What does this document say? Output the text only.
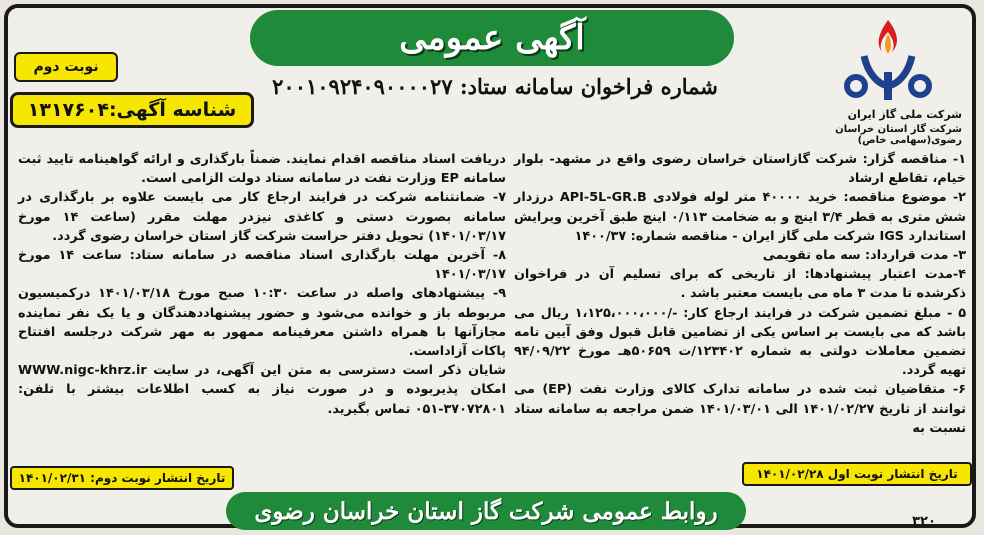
آگهی عمومی
شرکت ملی گاز ایران
شرکت گاز استان خراسان رضوی(سهامی خاص)
نوبت دوم
شماره فراخوان سامانه ستاد: ۲۰۰۱۰۹۲۴۰۹۰۰۰۰۲۷
شناسه آگهی:۱۳۱۷۶۰۴

۱- مناقصه گزار: شرکت گازاستان خراسان رضوی واقع در مشهد- بلوار خیام، تقاطع ارشاد

۲- موضوع مناقصه: خرید ۴۰۰۰۰ متر لوله فولادی API-5L-GR.B درزدار شش متری به قطر ۳/۴ اینچ و به ضخامت ۰/۱۱۳ اینچ طبق آخرین ویرایش استاندارد IGS شرکت ملی گاز ایران - مناقصه شماره: ۱۴۰۰/۳۷

۳- مدت قرارداد: سه ماه تقویمی

۴-مدت اعتبار پیشنهادها: از تاریخی که برای تسلیم آن در فراخوان ذکرشده تا مدت ۳ ماه می بایست معتبر باشد .

۵ - مبلغ تضمین شرکت در فرایند ارجاع کار: -/۱،۱۲۵،۰۰۰،۰۰۰ ریال می باشد که می بایست بر اساس یکی از تضامین قابل قبول وفق آیین نامه تضمین معاملات دولتی به شماره ۱۲۳۴۰۲/ت ۵۰۶۵۹هـ مورخ ۹۴/۰۹/۲۲ تهیه گردد.

۶- متقاضیان ثبت شده در سامانه تدارک کالای وزارت نفت (EP) می توانند از تاریخ ۱۴۰۱/۰۲/۲۷ الی ۱۴۰۱/۰۳/۰۱ ضمن مراجعه به سامانه ستاد نسبت به

دریافت اسناد مناقصه اقدام نمایند. ضمناً بارگذاری و ارائه گواهینامه تایید ثبت سامانه EP وزارت نفت در سامانه ستاد دولت الزامی است.

۷- ضمانتنامه شرکت در فرایند ارجاع کار می بایست علاوه بر بارگذاری در سامانه بصورت دستی و کاغذی نیزدر مهلت مقرر (ساعت ۱۴ مورخ ۱۴۰۱/۰۳/۱۷) تحویل دفتر حراست شرکت گاز استان خراسان رضوی گردد.

۸- آخرین مهلت بارگذاری اسناد مناقصه در سامانه ستاد: ساعت ۱۴ مورخ ۱۴۰۱/۰۳/۱۷

۹- پیشنهادهای واصله در ساعت ۱۰:۳۰ صبح مورخ ۱۴۰۱/۰۳/۱۸ درکمیسیون مربوطه باز و خوانده می‌شود و حضور پیشنهاددهندگان و یا یک نفر نماینده مجازآنها با همراه داشتن معرفینامه ممهور به مهر شرکت درجلسه افتتاح پاکات آزاداست.

شایان ذکر است دسترسی به متن این آگهی، در سایت WWW.nigc-khrz.ir امکان پذیربوده و در صورت نیاز به کسب اطلاعات بیشتر با تلفن: ۳۷۰۷۲۸۰۱-۰۵۱ تماس بگیرید.

تاریخ انتشار نوبت اول ۱۴۰۱/۰۲/۲۸
تاریخ انتشار نوبت دوم: ۱۴۰۱/۰۲/۳۱
روابط عمومی شرکت گاز استان خراسان رضوی	۳۲۰
